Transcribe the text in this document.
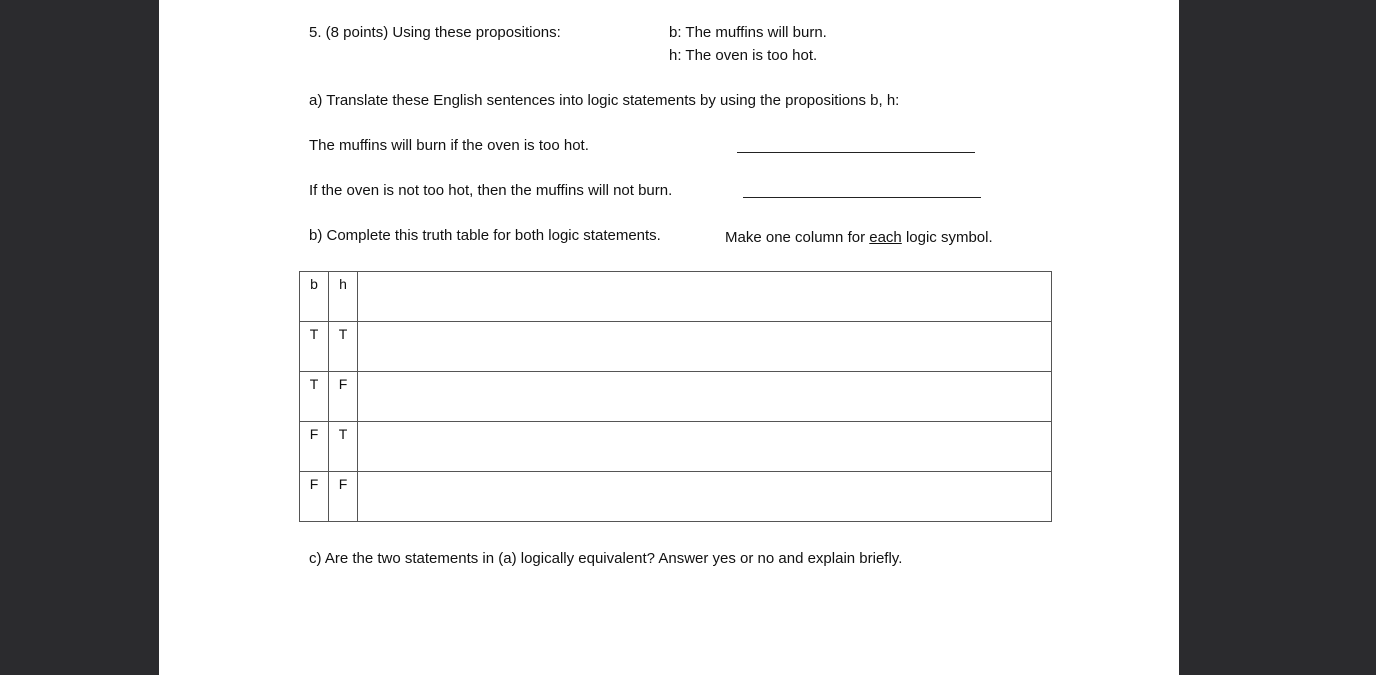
5. (8 points) Using these propositions:	b: The muffins will burn.
h: The oven is too hot.
a) Translate these English sentences into logic statements by using the propositions b, h:
The muffins will burn if the oven is too hot.
If the oven is not too hot, then the muffins will not burn.
b) Complete this truth table for both logic statements.	Make one column for each logic symbol.
b	h	
T	T	
T	F	
F	T	
F	F	
c) Are the two statements in (a) logically equivalent? Answer yes or no and explain briefly.
